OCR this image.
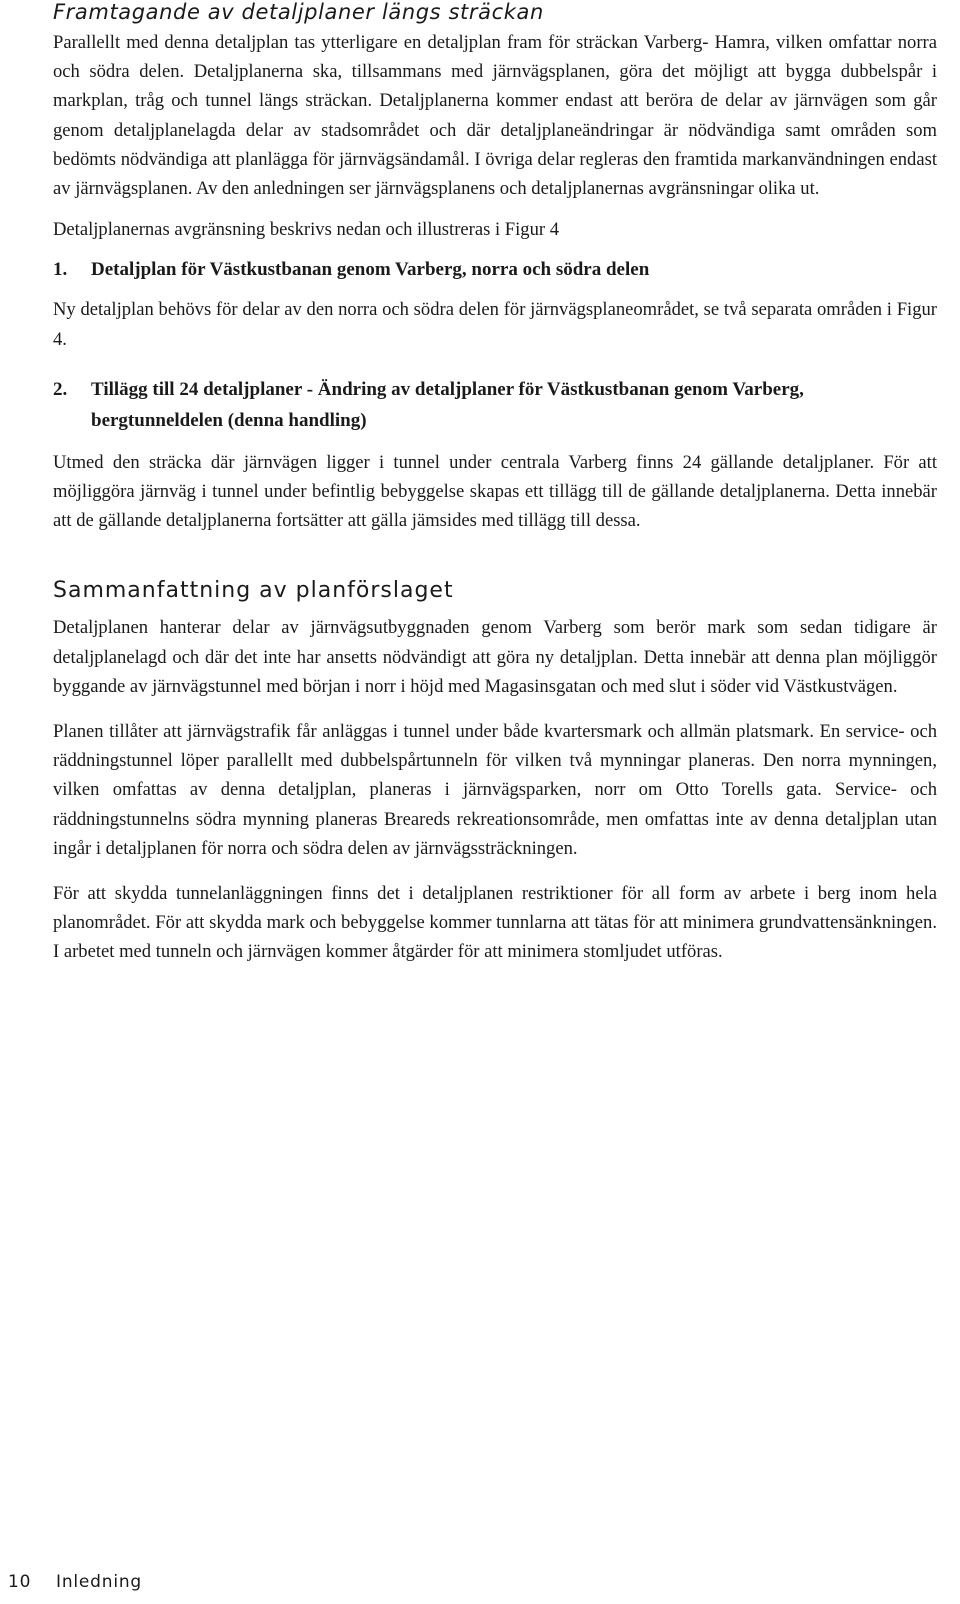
Framtagande av detaljplaner längs sträckan

Parallellt med denna detaljplan tas ytterligare en detaljplan fram för sträckan Varberg- Hamra, vilken omfattar norra och södra delen. Detaljplanerna ska, tillsammans med järnvägsplanen, göra det möjligt att bygga dubbelspår i markplan, tråg och tunnel längs sträckan. Detaljplanerna kommer endast att beröra de delar av järnvägen som går genom detaljplanelagda delar av stadsområdet och där detaljplaneändringar är nödvändiga samt områden som bedömts nödvändiga att planlägga för järnvägsändamål. I övriga delar regleras den framtida markanvändningen endast av järnvägsplanen. Av den anledningen ser järnvägsplanens och detaljplanernas avgränsningar olika ut.

Detaljplanernas avgränsning beskrivs nedan och illustreras i Figur 4

1.	Detaljplan för Västkustbanan genom Varberg, norra och södra delen

Ny detaljplan behövs för delar av den norra och södra delen för järnvägsplaneområdet, se två separata områden i Figur 4.

2.	Tillägg till 24 detaljplaner - Ändring av detaljplaner för Västkustbanan genom Varberg, bergtunneldelen (denna handling)

Utmed den sträcka där järnvägen ligger i tunnel under centrala Varberg finns 24 gällande detaljplaner. För att möjliggöra järnväg i tunnel under befintlig bebyggelse skapas ett tillägg till de gällande detaljplanerna. Detta innebär att de gällande detaljplanerna fortsätter att gälla jämsides med tillägg till dessa.

Sammanfattning av planförslaget

Detaljplanen hanterar delar av järnvägsutbyggnaden genom Varberg som berör mark som sedan tidigare är detaljplanelagd och där det inte har ansetts nödvändigt att göra ny detaljplan. Detta innebär att denna plan möjliggör byggande av järnvägstunnel med början i norr i höjd med Magasinsgatan och med slut i söder vid Västkustvägen.

Planen tillåter att järnvägstrafik får anläggas i tunnel under både kvartersmark och allmän platsmark. En service- och räddningstunnel löper parallellt med dubbelspårtunneln för vilken två mynningar planeras. Den norra mynningen, vilken omfattas av denna detaljplan, planeras i järnvägsparken, norr om Otto Torells gata. Service- och räddningstunnelns södra mynning planeras Breareds rekreationsområde, men omfattas inte av denna detaljplan utan ingår i detaljplanen för norra och södra delen av järnvägssträckningen.

För att skydda tunnelanläggningen finns det i detaljplanen restriktioner för all form av arbete i berg inom hela planområdet. För att skydda mark och bebyggelse kommer tunnlarna att tätas för att minimera grundvattensänkningen. I arbetet med tunneln och järnvägen kommer åtgärder för att minimera stomljudet utföras.

10	Inledning
